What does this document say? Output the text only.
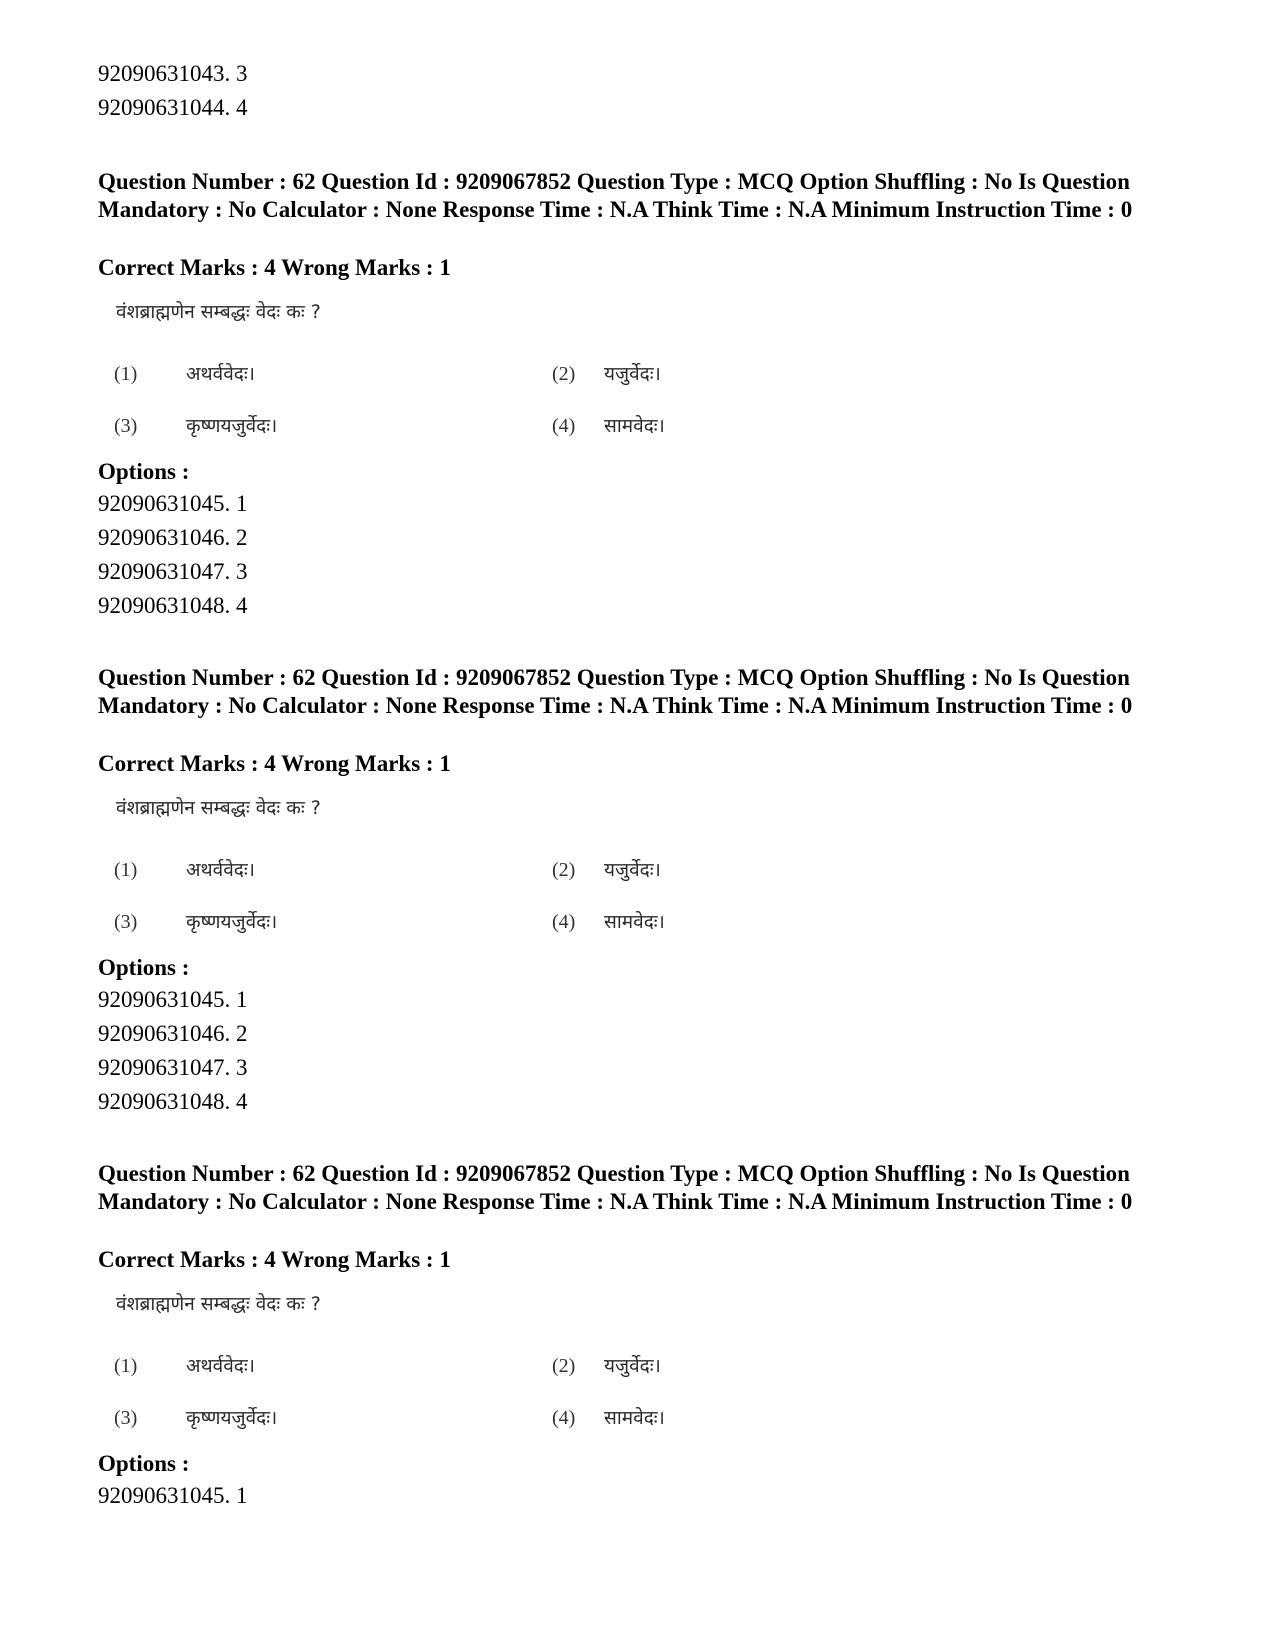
92090631043. 3
92090631044. 4
Question Number : 62 Question Id : 9209067852 Question Type : MCQ Option Shuffling : No Is Question Mandatory : No Calculator : None Response Time : N.A Think Time : N.A Minimum Instruction Time : 0
Correct Marks : 4 Wrong Marks : 1
वंशब्राह्मणेन सम्बद्धः वेदः कः ?
(1)	अथर्ववेदः।	(2) यजुर्वेदः।
(3)	कृष्णयजुर्वेदः।	(4) सामवेदः।
Options :
92090631045. 1
92090631046. 2
92090631047. 3
92090631048. 4
Question Number : 62 Question Id : 9209067852 Question Type : MCQ Option Shuffling : No Is Question Mandatory : No Calculator : None Response Time : N.A Think Time : N.A Minimum Instruction Time : 0
Correct Marks : 4 Wrong Marks : 1
वंशब्राह्मणेन सम्बद्धः वेदः कः ?
(1)	अथर्ववेदः।	(2) यजुर्वेदः।
(3)	कृष्णयजुर्वेदः।	(4) सामवेदः।
Options :
92090631045. 1
92090631046. 2
92090631047. 3
92090631048. 4
Question Number : 62 Question Id : 9209067852 Question Type : MCQ Option Shuffling : No Is Question Mandatory : No Calculator : None Response Time : N.A Think Time : N.A Minimum Instruction Time : 0
Correct Marks : 4 Wrong Marks : 1
वंशब्राह्मणेन सम्बद्धः वेदः कः ?
(1)	अथर्ववेदः।	(2) यजुर्वेदः।
(3)	कृष्णयजुर्वेदः।	(4) सामवेदः।
Options :
92090631045. 1
